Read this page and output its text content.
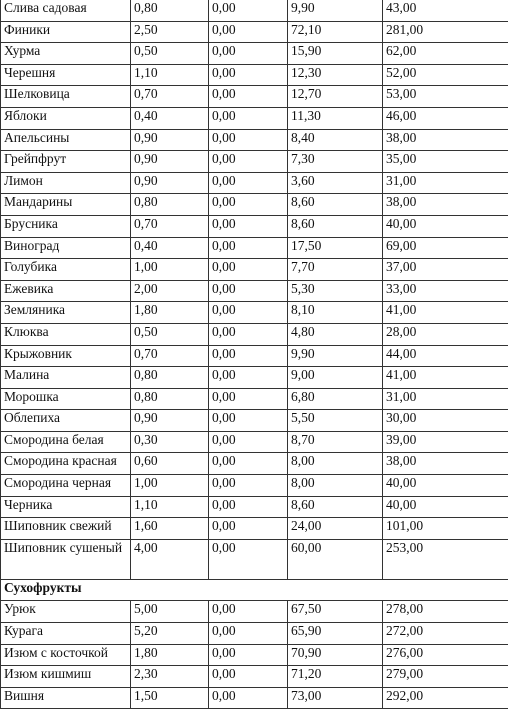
Слива садовая	0,80	0,00	9,90	43,00
Финики	2,50	0,00	72,10	281,00
Хурма	0,50	0,00	15,90	62,00
Черешня	1,10	0,00	12,30	52,00
Шелковица	0,70	0,00	12,70	53,00
Яблоки	0,40	0,00	11,30	46,00
Апельсины	0,90	0,00	8,40	38,00
Грейпфрут	0,90	0,00	7,30	35,00
Лимон	0,90	0,00	3,60	31,00
Мандарины	0,80	0,00	8,60	38,00
Брусника	0,70	0,00	8,60	40,00
Виноград	0,40	0,00	17,50	69,00
Голубика	1,00	0,00	7,70	37,00
Ежевика	2,00	0,00	5,30	33,00
Земляника	1,80	0,00	8,10	41,00
Клюква	0,50	0,00	4,80	28,00
Крыжовник	0,70	0,00	9,90	44,00
Малина	0,80	0,00	9,00	41,00
Морошка	0,80	0,00	6,80	31,00
Облепиха	0,90	0,00	5,50	30,00
Смородина белая	0,30	0,00	8,70	39,00
Смородина красная	0,60	0,00	8,00	38,00
Смородина черная	1,00	0,00	8,00	40,00
Черника	1,10	0,00	8,60	40,00
Шиповник свежий	1,60	0,00	24,00	101,00
Шиповник сушеный	4,00	0,00	60,00	253,00
Сухофрукты				
Урюк	5,00	0,00	67,50	278,00
Курага	5,20	0,00	65,90	272,00
Изюм с косточкой	1,80	0,00	70,90	276,00
Изюм кишмиш	2,30	0,00	71,20	279,00
Вишня	1,50	0,00	73,00	292,00
